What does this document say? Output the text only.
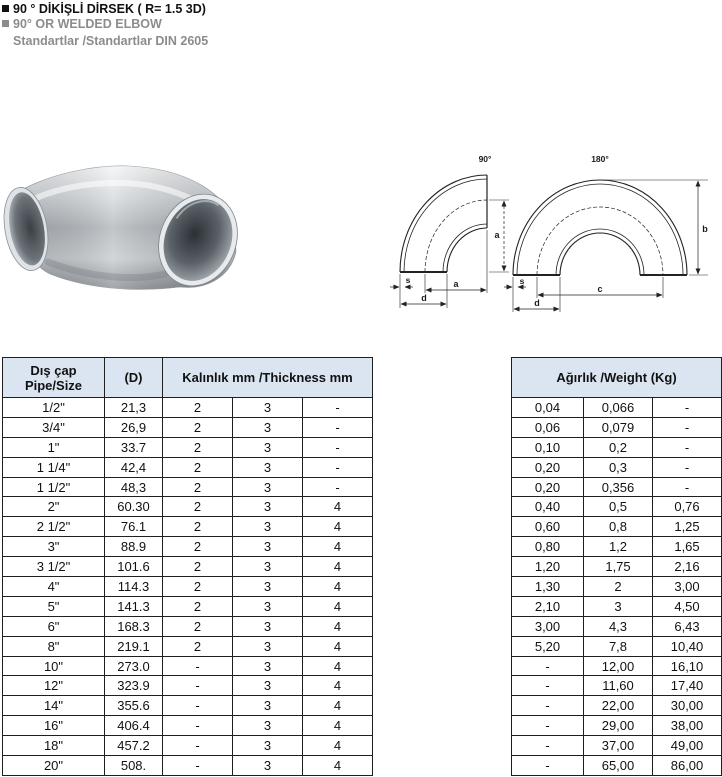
90 ° DİKİŞLİ DİRSEK ( R= 1.5 3D)
90° OR WELDED ELBOW
Standartlar /Standartlar DIN 2605
90°
a
s	a
d
180°
b
s
c
d
Dış çap
Pipe/Size	(D)	Kalınlık mm /Thickness mm		
1/2"	21,3	2	3	-
3/4"	26,9	2	3	-
1"	33.7	2	3	-
1 1/4"	42,4	2	3	-
1 1/2"	48,3	2	3	-
2"	60.30	2	3	4
2 1/2"	76.1	2	3	4
3"	88.9	2	3	4
3 1/2"	101.6	2	3	4
4"	114.3	2	3	4
5"	141.3	2	3	4
6"	168.3	2	3	4
8"	219.1	2	3	4
10"	273.0	-	3	4
12"	323.9	-	3	4
14"	355.6	-	3	4
16"	406.4	-	3	4
18"	457.2	-	3	4
20"	508.	-	3	4
Ağırlık /Weight (Kg)		
0,04	0,066	-
0,06	0,079	-
0,10	0,2	-
0,20	0,3	-
0,20	0,356	-
0,40	0,5	0,76
0,60	0,8	1,25
0,80	1,2	1,65
1,20	1,75	2,16
1,30	2	3,00
2,10	3	4,50
3,00	4,3	6,43
5,20	7,8	10,40
-	12,00	16,10
-	11,60	17,40
-	22,00	30,00
-	29,00	38,00
-	37,00	49,00
-	65,00	86,00
